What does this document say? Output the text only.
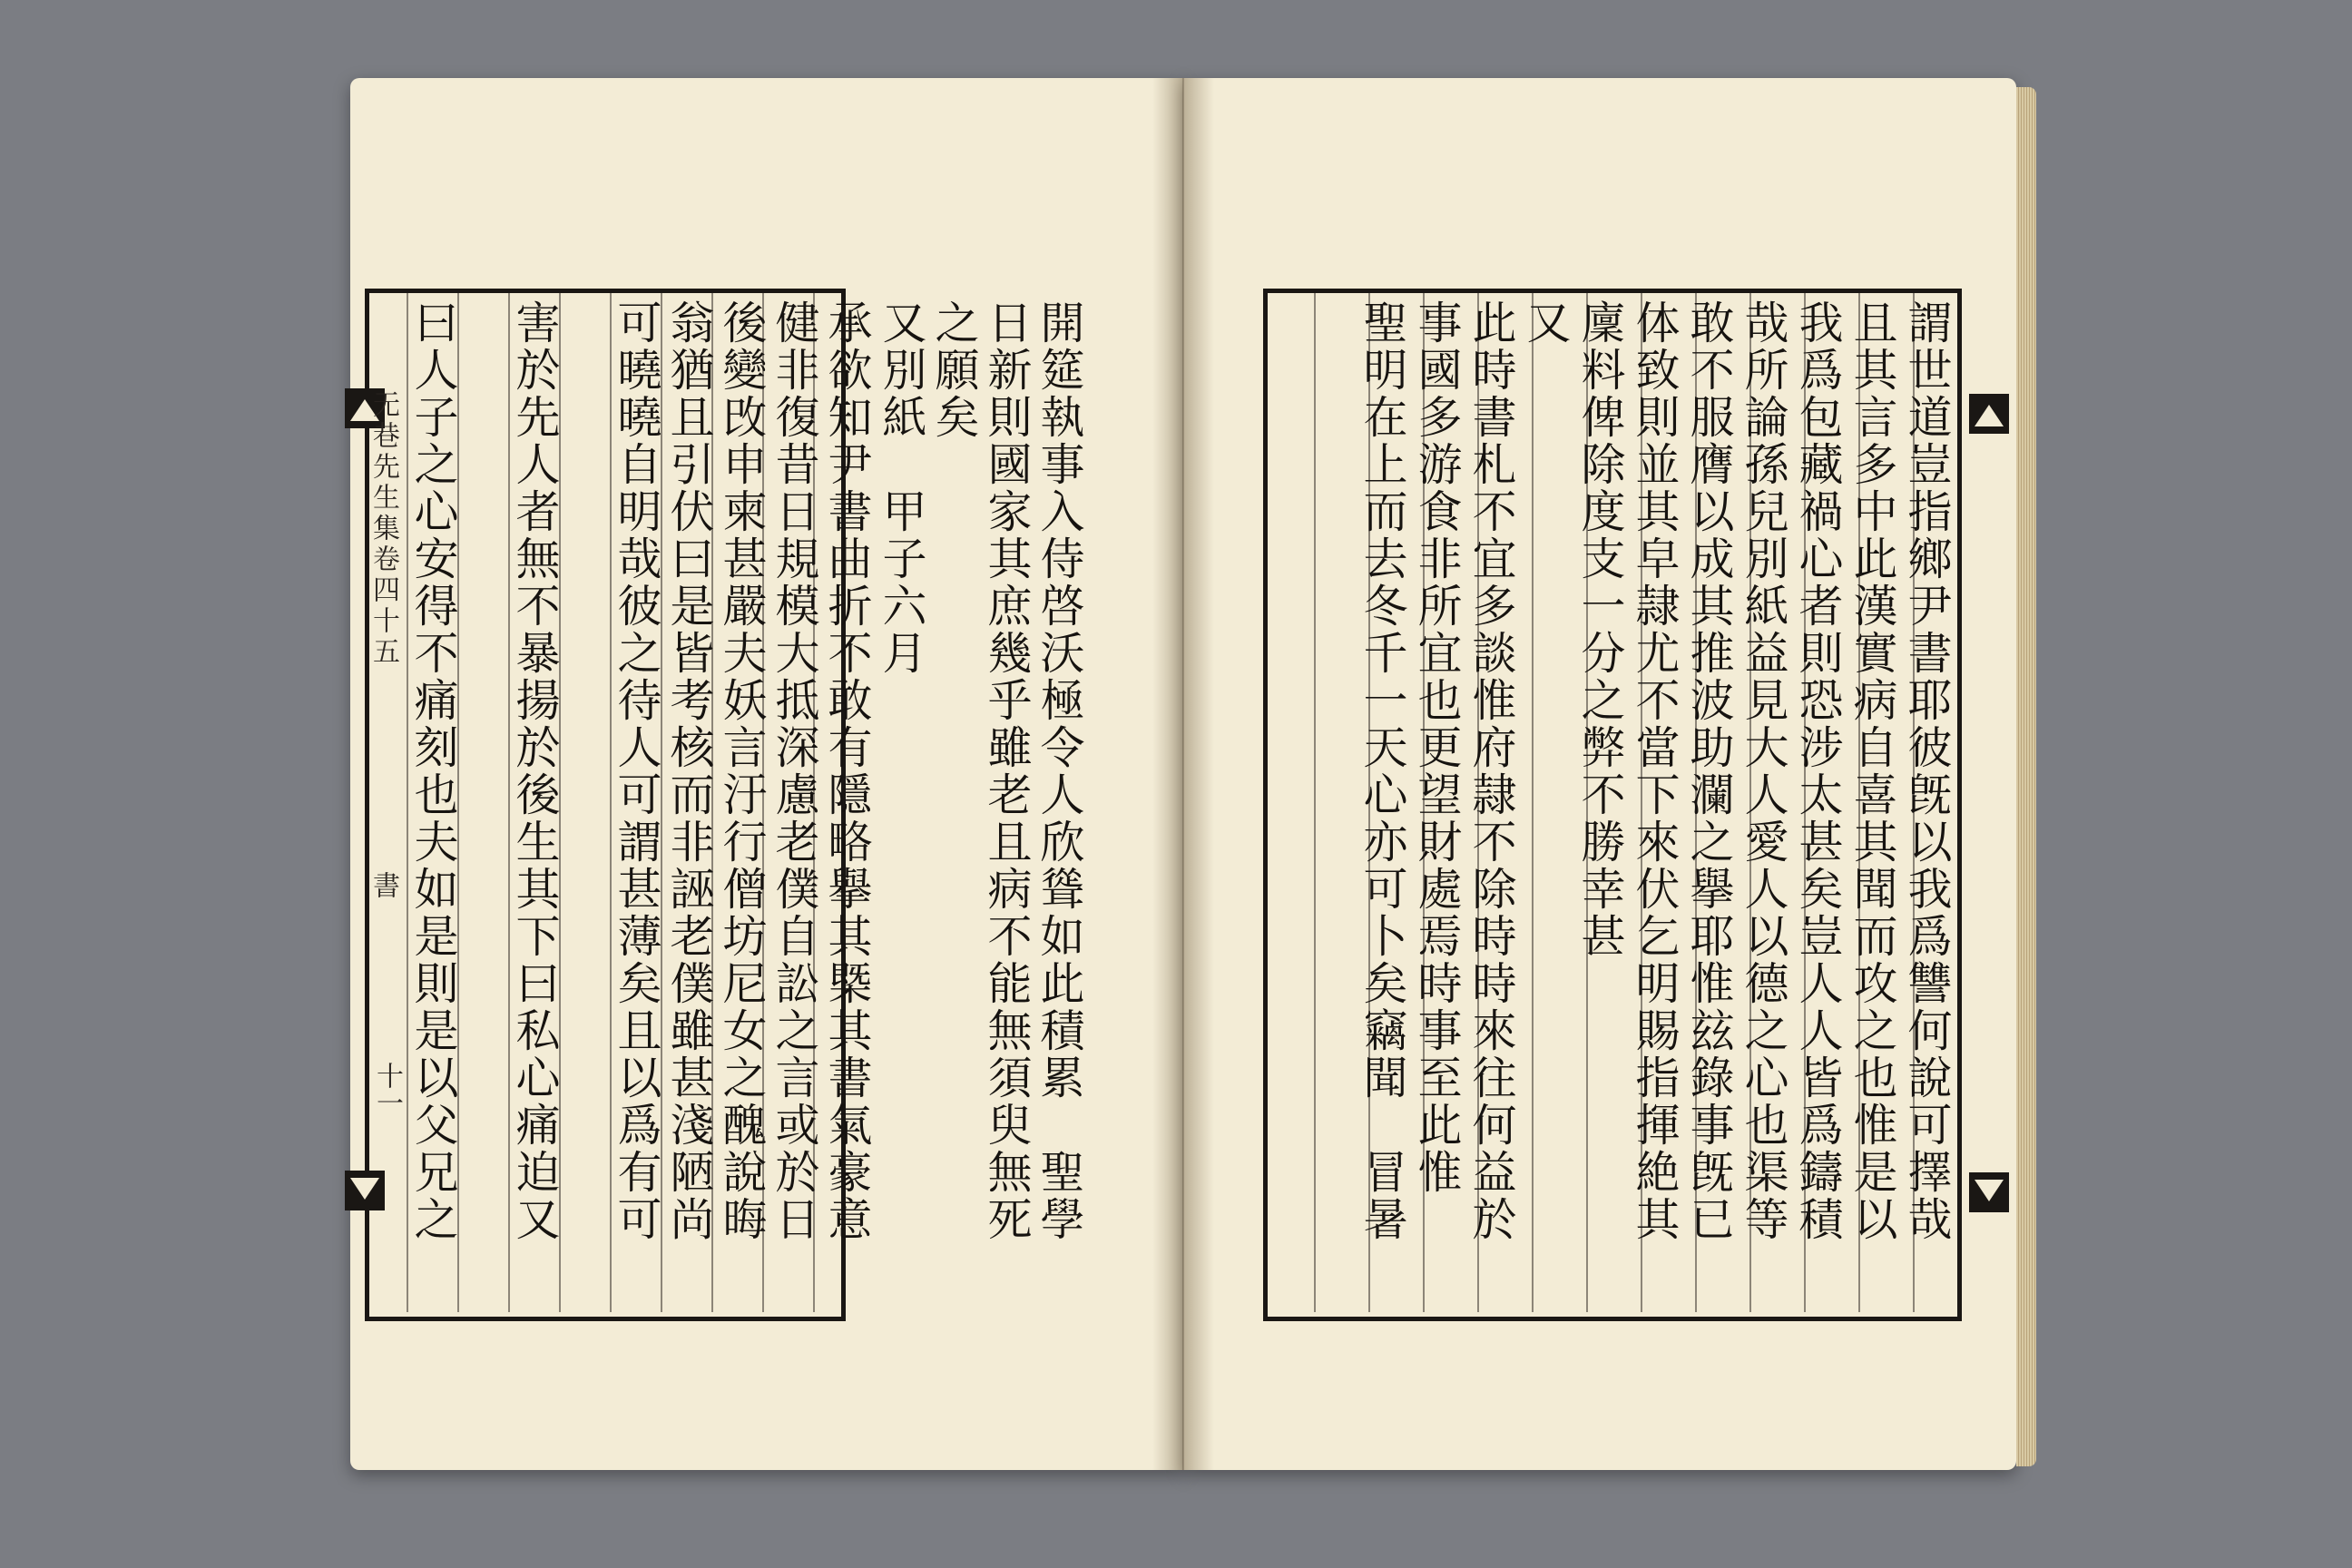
无巷先生集卷四十五
書
十一	開筵執事入侍啓沃極令人欣聳如此積累　聖學
日新則國家其庶幾乎雖老且病不能無須臾無死
之願矣
又別紙　甲子六月
承欲知尹書曲折不敢有隱略擧其槩其書氣豪意
健非復昔日規模大抵深慮老僕自訟之言或於日
後變攺申柬甚嚴夫妖言汙行僧坊尼女之醜說晦
翁猶且引伏曰是皆考核而非誣老僕雖甚淺陋尚
可曉曉自明哉彼之待人可謂甚薄矣且以爲有可
害於先人者無不暴揚於後生其下曰私心痛迫又
曰人子之心安得不痛刻也夫如是則是以父兄之	謂世道豈指鄉尹書耶彼旣以我爲讐何說可擇哉
且其言多中此漢實病自喜其聞而攻之也惟是以
我爲包藏禍心者則恐涉太甚矣豈人人皆爲鑄積
哉所論孫兒別紙益見大人愛人以德之心也渠等
敢不服膺以成其推波助瀾之擧耶惟玆錄事旣已
体致則並其皁隷尤不當下來伏乞明賜指揮絶其
廩料俾除度支一分之弊不勝幸甚
又
此時書札不宜多談惟府隷不除時時來往何益於
事國多游食非所宜也更望財處焉時事至此惟
聖明在上而去冬千一天心亦可卜矣竊聞　冒暑
